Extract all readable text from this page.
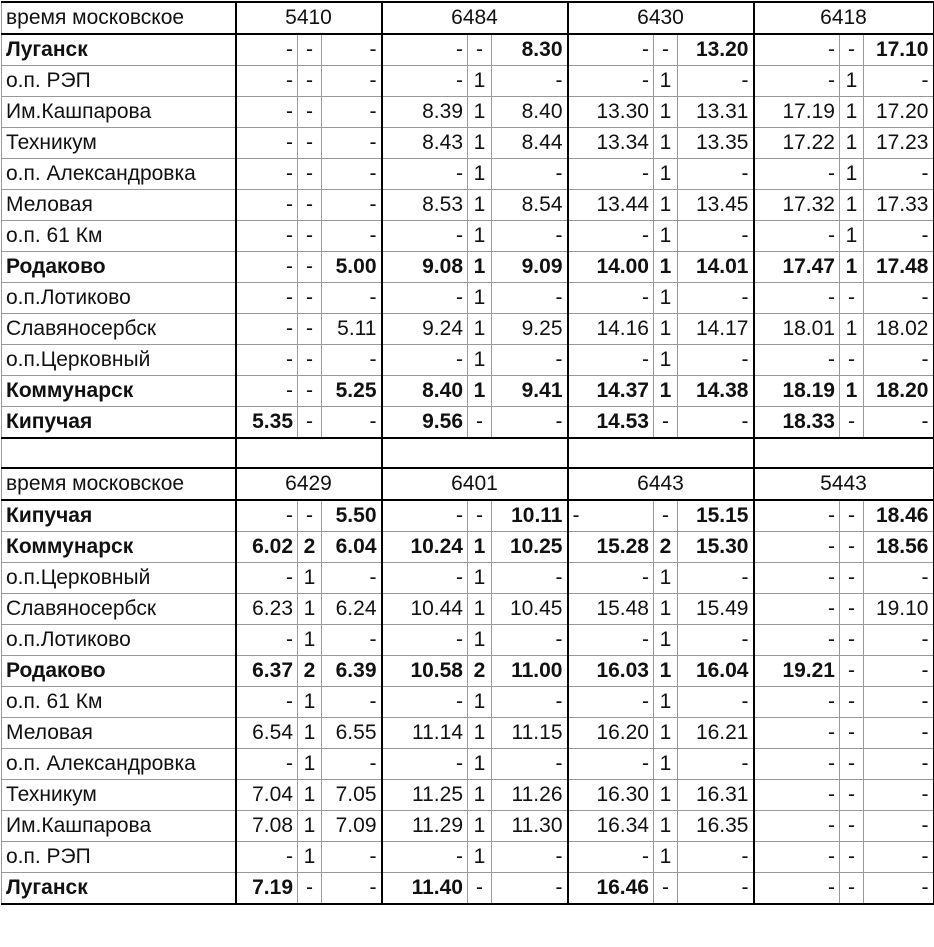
время московское	5410			6484			6430			6418		
Луганск	-	-	-	-	-	8.30	-	-	13.20	-	-	17.10
о.п. РЭП	-	-	-	-	1	-	-	1	-	-	1	-
Им.Кашпарова	-	-	-	8.39	1	8.40	13.30	1	13.31	17.19	1	17.20
Техникум	-	-	-	8.43	1	8.44	13.34	1	13.35	17.22	1	17.23
о.п. Александровка	-	-	-	-	1	-	-	1	-	-	1	-
Меловая	-	-	-	8.53	1	8.54	13.44	1	13.45	17.32	1	17.33
о.п. 61 Км	-	-	-	-	1	-	-	1	-	-	1	-
Родаково	-	-	5.00	9.08	1	9.09	14.00	1	14.01	17.47	1	17.48
о.п.Лотиково	-	-	-	-	1	-	-	1	-	-	-	-
Славяносербск	-	-	5.11	9.24	1	9.25	14.16	1	14.17	18.01	1	18.02
о.п.Церковный	-	-	-	-	1	-	-	1	-	-	-	-
Коммунарск	-	-	5.25	8.40	1	9.41	14.37	1	14.38	18.19	1	18.20
Кипучая	5.35	-	-	9.56	-	-	14.53	-	-	18.33	-	-

время московское	6429			6401			6443			5443		
Кипучая	-	-	5.50	-	-	10.11	-	-	15.15	-	-	18.46
Коммунарск	6.02	2	6.04	10.24	1	10.25	15.28	2	15.30	-	-	18.56
о.п.Церковный	-	1	-	-	1	-	-	1	-	-	-	-
Славяносербск	6.23	1	6.24	10.44	1	10.45	15.48	1	15.49	-	-	19.10
о.п.Лотиково	-	1	-	-	1	-	-	1	-	-	-	-
Родаково	6.37	2	6.39	10.58	2	11.00	16.03	1	16.04	19.21	-	-
о.п. 61 Км	-	1	-	-	1	-	-	1	-	-	-	-
Меловая	6.54	1	6.55	11.14	1	11.15	16.20	1	16.21	-	-	-
о.п. Александровка	-	1	-	-	1	-	-	1	-	-	-	-
Техникум	7.04	1	7.05	11.25	1	11.26	16.30	1	16.31	-	-	-
Им.Кашпарова	7.08	1	7.09	11.29	1	11.30	16.34	1	16.35	-	-	-
о.п. РЭП	-	1	-	-	1	-	-	1	-	-	-	-
Луганск	7.19	-	-	11.40	-	-	16.46	-	-	-	-	-
